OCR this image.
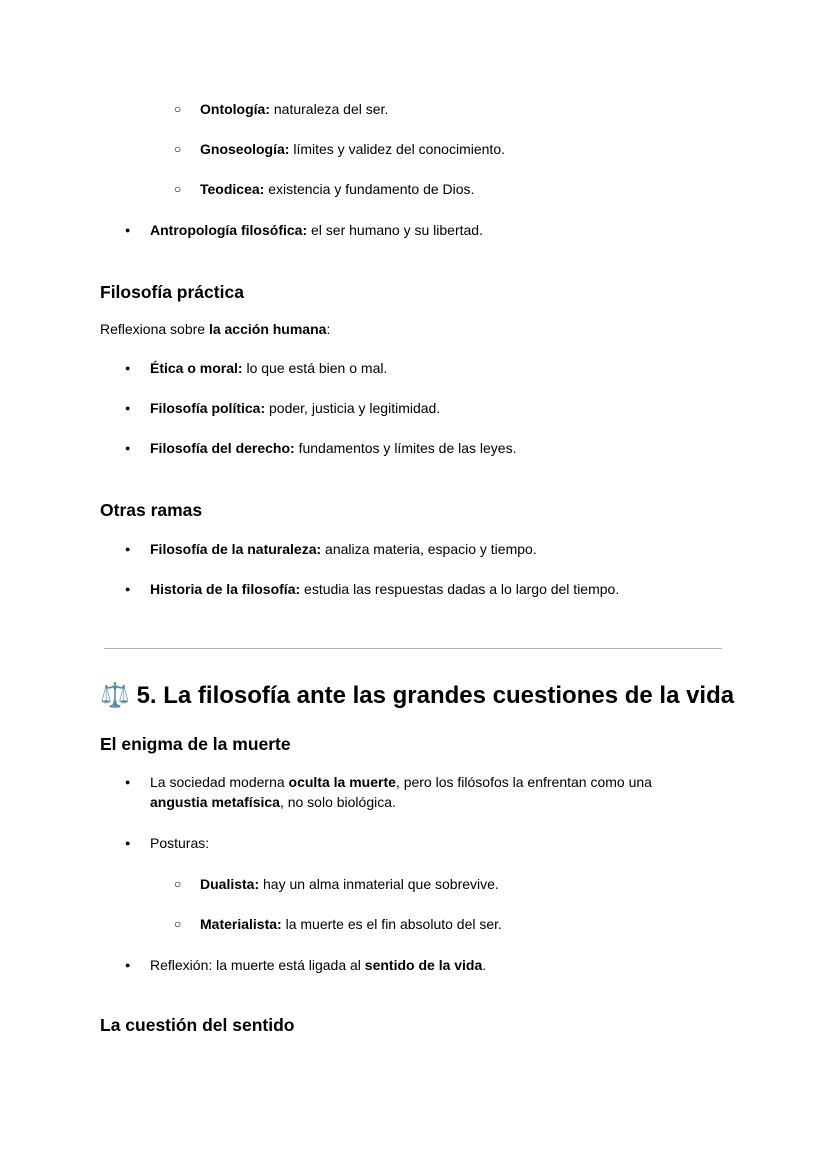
○ Ontología: naturaleza del ser.
○ Gnoseología: límites y validez del conocimiento.
○ Teodicea: existencia y fundamento de Dios.
● Antropología filosófica: el ser humano y su libertad.
Filosofía práctica
Reflexiona sobre la acción humana:
● Ética o moral: lo que está bien o mal.
● Filosofía política: poder, justicia y legitimidad.
● Filosofía del derecho: fundamentos y límites de las leyes.
Otras ramas
● Filosofía de la naturaleza: analiza materia, espacio y tiempo.
● Historia de la filosofía: estudia las respuestas dadas a lo largo del tiempo.
⚖️ 5. La filosofía ante las grandes cuestiones de la vida
El enigma de la muerte
● La sociedad moderna oculta la muerte, pero los filósofos la enfrentan como una
angustia metafísica, no solo biológica.
● Posturas:
○ Dualista: hay un alma inmaterial que sobrevive.
○ Materialista: la muerte es el fin absoluto del ser.
● Reflexión: la muerte está ligada al sentido de la vida.
La cuestión del sentido
